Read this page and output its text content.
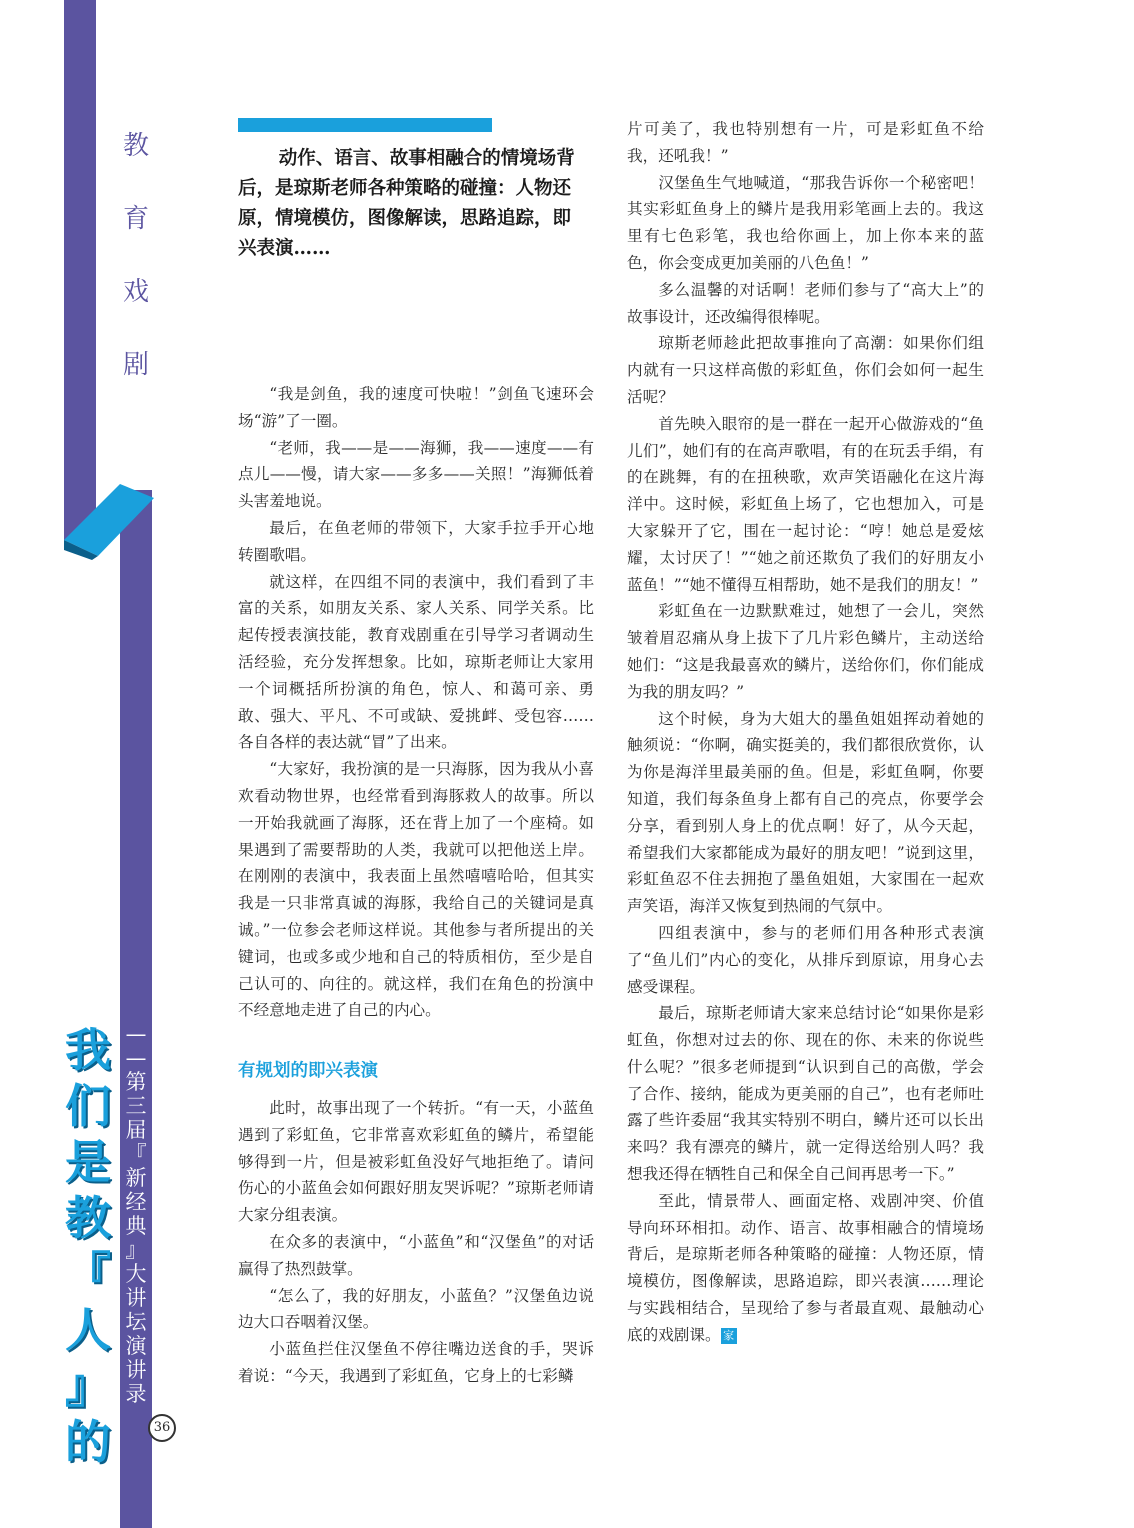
教
育
戏
剧
我
们
是
教
『
人
』
的
—
—
第
三
届
『
新
经
典
』
大
讲
坛
演
讲
录
36
动作、语言、故事相融合的情境场背后，是琼斯老师各种策略的碰撞：人物还原，情境模仿，图像解读，思路追踪，即兴表演……

“我是剑鱼，我的速度可快啦！”剑鱼飞速环会场“游”了一圈。

“老师，我——是——海狮，我——速度——有点儿——慢，请大家——多多——关照！”海狮低着头害羞地说。

最后，在鱼老师的带领下，大家手拉手开心地转圈歌唱。

就这样，在四组不同的表演中，我们看到了丰富的关系，如朋友关系、家人关系、同学关系。比起传授表演技能，教育戏剧重在引导学习者调动生活经验，充分发挥想象。比如，琼斯老师让大家用一个词概括所扮演的角色，惊人、和蔼可亲、勇敢、强大、平凡、不可或缺、爱挑衅、受包容……各自各样的表达就“冒”了出来。

“大家好，我扮演的是一只海豚，因为我从小喜欢看动物世界，也经常看到海豚救人的故事。所以一开始我就画了海豚，还在背上加了一个座椅。如果遇到了需要帮助的人类，我就可以把他送上岸。在刚刚的表演中，我表面上虽然嘻嘻哈哈，但其实我是一只非常真诚的海豚，我给自己的关键词是真诚。”一位参会老师这样说。其他参与者所提出的关键词，也或多或少地和自己的特质相仿，至少是自己认可的、向往的。就这样，我们在角色的扮演中不经意地走进了自己的内心。

有规划的即兴表演

此时，故事出现了一个转折。“有一天，小蓝鱼遇到了彩虹鱼，它非常喜欢彩虹鱼的鳞片，希望能够得到一片，但是被彩虹鱼没好气地拒绝了。请问伤心的小蓝鱼会如何跟好朋友哭诉呢？”琼斯老师请大家分组表演。

在众多的表演中，“小蓝鱼”和“汉堡鱼”的对话赢得了热烈鼓掌。

“怎么了，我的好朋友，小蓝鱼？”汉堡鱼边说边大口吞咽着汉堡。

小蓝鱼拦住汉堡鱼不停往嘴边送食的手，哭诉着说：“今天，我遇到了彩虹鱼，它身上的七彩鳞

片可美了，我也特别想有一片，可是彩虹鱼不给我，还吼我！”

汉堡鱼生气地喊道，“那我告诉你一个秘密吧！其实彩虹鱼身上的鳞片是我用彩笔画上去的。我这里有七色彩笔，我也给你画上，加上你本来的蓝色，你会变成更加美丽的八色鱼！”

多么温馨的对话啊！老师们参与了“高大上”的故事设计，还改编得很棒呢。

琼斯老师趁此把故事推向了高潮：如果你们组内就有一只这样高傲的彩虹鱼，你们会如何一起生活呢？

首先映入眼帘的是一群在一起开心做游戏的“鱼儿们”，她们有的在高声歌唱，有的在玩丢手绢，有的在跳舞，有的在扭秧歌，欢声笑语融化在这片海洋中。这时候，彩虹鱼上场了，它也想加入，可是大家躲开了它，围在一起讨论：“哼！她总是爱炫耀，太讨厌了！”“她之前还欺负了我们的好朋友小蓝鱼！”“她不懂得互相帮助，她不是我们的朋友！”

彩虹鱼在一边默默难过，她想了一会儿，突然皱着眉忍痛从身上拔下了几片彩色鳞片，主动送给她们：“这是我最喜欢的鳞片，送给你们，你们能成为我的朋友吗？”

这个时候，身为大姐大的墨鱼姐姐挥动着她的触须说：“你啊，确实挺美的，我们都很欣赏你，认为你是海洋里最美丽的鱼。但是，彩虹鱼啊，你要知道，我们每条鱼身上都有自己的亮点，你要学会分享，看到别人身上的优点啊！好了，从今天起，希望我们大家都能成为最好的朋友吧！”说到这里，彩虹鱼忍不住去拥抱了墨鱼姐姐，大家围在一起欢声笑语，海洋又恢复到热闹的气氛中。

四组表演中，参与的老师们用各种形式表演了“鱼儿们”内心的变化，从排斥到原谅，用身心去感受课程。

最后，琼斯老师请大家来总结讨论“如果你是彩虹鱼，你想对过去的你、现在的你、未来的你说些什么呢？”很多老师提到“认识到自己的高傲，学会了合作、接纳，能成为更美丽的自己”，也有老师吐露了些许委屈“我其实特别不明白，鳞片还可以长出来吗？我有漂亮的鳞片，就一定得送给别人吗？我想我还得在牺牲自己和保全自己间再思考一下。”

至此，情景带人、画面定格、戏剧冲突、价值导向环环相扣。动作、语言、故事相融合的情境场背后，是琼斯老师各种策略的碰撞：人物还原，情境模仿，图像解读，思路追踪，即兴表演……理论与实践相结合，呈现给了参与者最直观、最触动心底的戏剧课。 家
